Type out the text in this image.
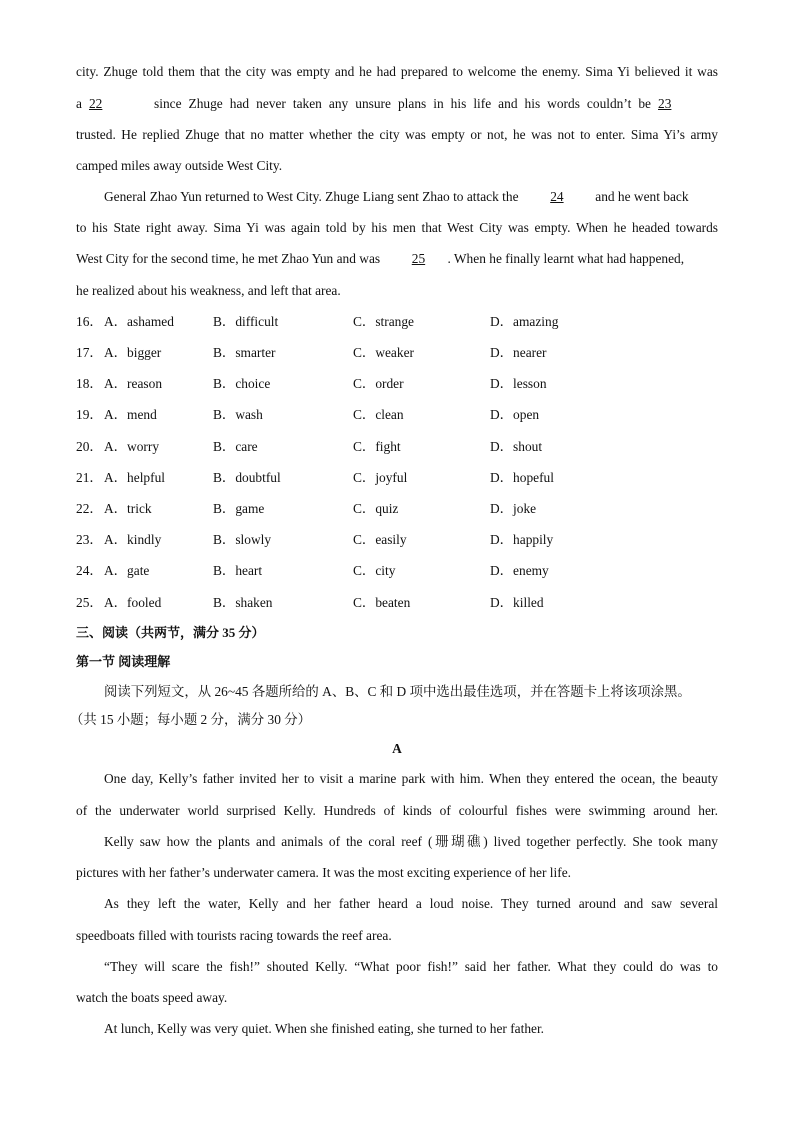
city. Zhuge told them that the city was empty and he had prepared to welcome the enemy. Sima Yi believed it was
a 22	since Zhuge had never taken any unsure plans in his life and his words couldn’t be 23
trusted. He replied Zhuge that no matter whether the city was empty or not, he was not to enter. Sima Yi’s army
camped miles away outside West City.
General Zhao Yun returned to West City. Zhuge Liang sent Zhao to attack the 24 and he went back
to his State right away. Sima Yi was again told by his men that West City was empty. When he headed towards
West City for the second time, he met Zhao Yun and was 25 . When he finally learnt what had happened,
he realized about his weakness, and left that area.
16． A．ashamed	B．difficult	C．strange	D．amazing
17． A．bigger	B．smarter	C．weaker	D．nearer
18． A．reason	B．choice	C．order	D．lesson
19． A．mend	B．wash	C．clean	D．open
20． A．worry	B．care	C．fight	D．shout
21． A．helpful	B．doubtful	C．joyful	D．hopeful
22． A．trick	B．game	C．quiz	D．joke
23． A．kindly	B．slowly	C．easily	D．happily
24． A．gate	B．heart	C．city	D．enemy
25． A．fooled	B．shaken	C．beaten	D．killed
三、阅读（共两节，满分 35 分）
第一节 阅读理解
阅读下列短文，从 26~45 各题所给的 A、B、C 和 D 项中选出最佳选项，并在答题卡上将该项涂黑。
（共 15 小题；每小题 2 分，满分 30 分）
A
One day, Kelly’s father invited her to visit a marine park with him. When they entered the ocean, the beauty
of the underwater world surprised Kelly. Hundreds of kinds of colourful fishes were swimming around her.
Kelly saw how the plants and animals of the coral reef (珊瑚礁) lived together perfectly. She took many
pictures with her father’s underwater camera. It was the most exciting experience of her life.
As they left the water, Kelly and her father heard a loud noise. They turned around and saw several
speedboats filled with tourists racing towards the reef area.
“They will scare the fish!” shouted Kelly. “What poor fish!” said her father. What they could do was to
watch the boats speed away.
At lunch, Kelly was very quiet. When she finished eating, she turned to her father.
